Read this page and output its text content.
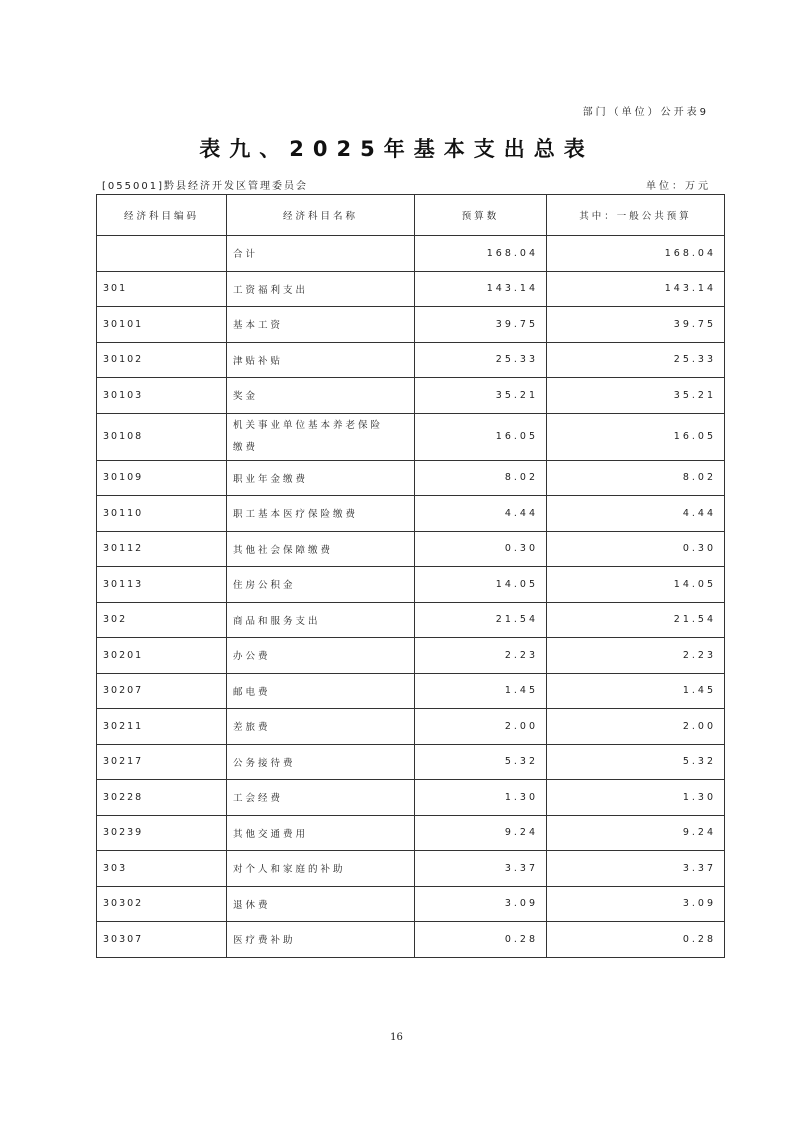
部门（单位）公开表9
表九、2025年基本支出总表
[055001]黔县经济开发区管理委员会	单位：万元
经济科目编码	经济科目名称	预算数	其中：一般公共预算
	合计	168.04	168.04
301	工资福利支出	143.14	143.14
30101	基本工资	39.75	39.75
30102	津贴补贴	25.33	25.33
30103	奖金	35.21	35.21
30108	机关事业单位基本养老保险缴费	16.05	16.05
30109	职业年金缴费	8.02	8.02
30110	职工基本医疗保险缴费	4.44	4.44
30112	其他社会保障缴费	0.30	0.30
30113	住房公积金	14.05	14.05
302	商品和服务支出	21.54	21.54
30201	办公费	2.23	2.23
30207	邮电费	1.45	1.45
30211	差旅费	2.00	2.00
30217	公务接待费	5.32	5.32
30228	工会经费	1.30	1.30
30239	其他交通费用	9.24	9.24
303	对个人和家庭的补助	3.37	3.37
30302	退休费	3.09	3.09
30307	医疗费补助	0.28	0.28
16
